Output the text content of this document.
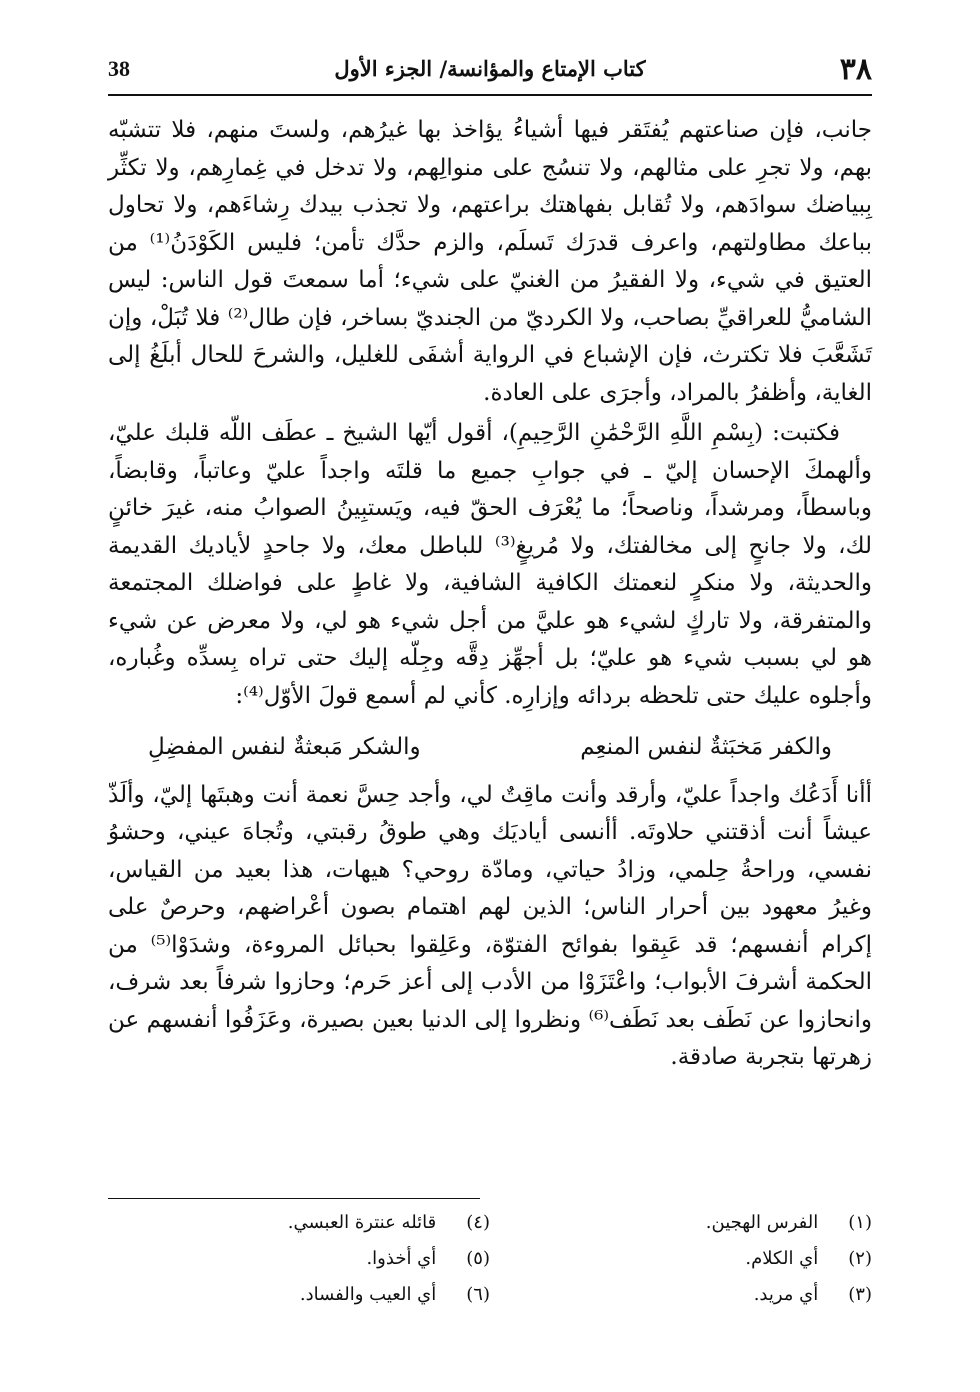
٣٨
كتاب الإمتاع والمؤانسة/ الجزء الأول
38

جانب، فإن صناعتهم يُفتَقر فيها أشياءُ يؤاخذ بها غيرُهم، ولستَ منهم، فلا تتشبّه بهم، ولا تجرِ على مثالهم، ولا تنسُج على منوالِهم، ولا تدخل في غِمارِهم، ولا تكثِّر بِبياضك سوادَهم، ولا تُقابل بفهاهتك براعتهم، ولا تجذب بيدك رِشاءَهم، ولا تحاول بباعك مطاولتهم، واعرف قدرَك تَسلَم، والزم حدَّك تأمن؛ فليس الكَوْدَنُ⁽¹⁾ من العتيق في شيء، ولا الفقيرُ من الغنيّ على شيء؛ أما سمعتَ قول الناس: ليس الشاميُّ للعراقيِّ بصاحب، ولا الكرديّ من الجنديّ بساخر، فإن طال⁽²⁾ فلا تُبَلْ، وإن تَشَعَّبَ فلا تكترث، فإن الإشباع في الرواية أشفَى للغليل، والشرحَ للحال أبلَغُ إلى الغاية، وأظفرُ بالمراد، وأجرَى على العادة.

فكتبت: (بِسْمِ اللَّهِ الرَّحْمَٰنِ الرَّحِيمِ)، أقول أيّها الشيخ ـ عطَف اللّه قلبك عليّ، وألهمكَ الإحسان إليّ ـ في جوابِ جميع ما قلتَه واجداً عليّ وعاتباً، وقابضاً، وباسطاً، ومرشداً، وناصحاً؛ ما يُعْرَف الحقّ فيه، ويَستبِينُ الصوابُ منه، غيرَ خائنٍ لك، ولا جانحٍ إلى مخالفتك، ولا مُريغٍ⁽³⁾ للباطل معك، ولا جاحدٍ لأياديك القديمة والحديثة، ولا منكرٍ لنعمتك الكافية الشافية، ولا غاطٍ على فواضلك المجتمعة والمتفرقة، ولا تاركٍ لشيء هو عليَّ من أجل شيء هو لي، ولا معرض عن شيء هو لي بسبب شيء هو عليّ؛ بل أجهِّز دِقَّه وجِلّه إليك حتى تراه بِسدِّه وغُباره، وأجلوه عليك حتى تلحظه بردائه وإزارِه. كأني لم أسمع قولَ الأوّل⁽⁴⁾:

والكفر مَخبَثةٌ لنفس المنعِم
والشكر مَبعثةٌ لنفس المفضِلِ

أأنا أَدَعُك واجداً عليّ، وأرقد وأنت ماقِتٌ لي، وأجد حِسَّ نعمة أنت وهبتَها إليّ، وألَذّ عيشاً أنت أذقتني حلاوتَه. أأنسى أياديَك وهي طوقُ رقبتي، وتُجاهَ عيني، وحشوُ نفسي، وراحةُ حِلمي، وزادُ حياتي، ومادّة روحي؟ هيهات، هذا بعيد من القياس، وغيرُ معهود بين أحرار الناس؛ الذين لهم اهتمام بصون أعْراضهم، وحرصٌ على إكرام أنفسهم؛ قد عَبِقوا بفوائح الفتوّة، وعَلِقوا بحبائل المروءة، وشدَوْا⁽⁵⁾ من الحكمة أشرفَ الأبواب؛ واعْتَزَوْا من الأدب إلى أعز حَرم؛ وحازوا شرفاً بعد شرف، وانحازوا عن نَطَف بعد نَطَف⁽⁶⁾ ونظروا إلى الدنيا بعين بصيرة، وعَزَفُوا أنفسهم عن زهرتها بتجربة صادقة.

(١) الفرس الهجين.
(٤) قائله عنترة العبسي.
(٢) أي الكلام.
(٥) أي أخذوا.
(٣) أي مريد.
(٦) أي العيب والفساد.
